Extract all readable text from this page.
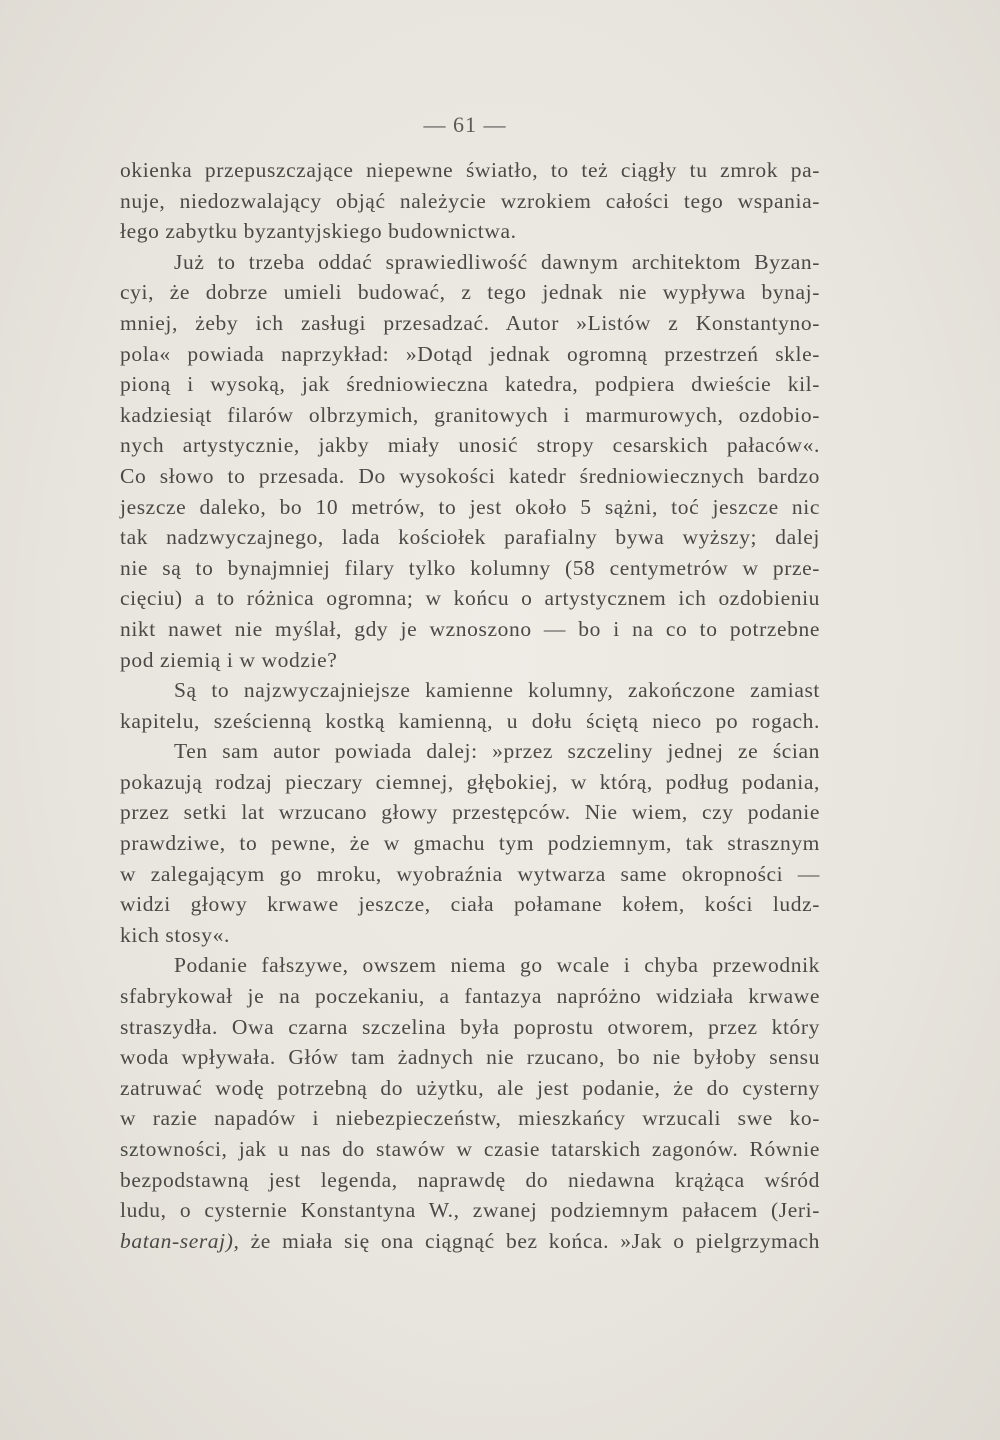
— 61 —
okienka przepuszczające niepewne światło, to też ciągły tu zmrok pa-
nuje, niedozwalający objąć należycie wzrokiem całości tego wspania-
łego zabytku byzantyjskiego budownictwa.
Już to trzeba oddać sprawiedliwość dawnym architektom Byzan-
cyi, że dobrze umieli budować, z tego jednak nie wypływa bynaj-
mniej, żeby ich zasługi przesadzać. Autor »Listów z Konstantyno-
pola« powiada naprzykład: »Dotąd jednak ogromną przestrzeń skle-
pioną i wysoką, jak średniowieczna katedra, podpiera dwieście kil-
kadziesiąt filarów olbrzymich, granitowych i marmurowych, ozdobio-
nych artystycznie, jakby miały unosić stropy cesarskich pałaców«.
Co słowo to przesada. Do wysokości katedr średniowiecznych bardzo
jeszcze daleko, bo 10 metrów, to jest około 5 sążni, toć jeszcze nic
tak nadzwyczajnego, lada kościołek parafialny bywa wyższy; dalej
nie są to bynajmniej filary tylko kolumny (58 centymetrów w prze-
cięciu) a to różnica ogromna; w końcu o artystycznem ich ozdobieniu
nikt nawet nie myślał, gdy je wznoszono — bo i na co to potrzebne
pod ziemią i w wodzie?
Są to najzwyczajniejsze kamienne kolumny, zakończone zamiast
kapitelu, sześcienną kostką kamienną, u dołu ściętą nieco po rogach.
Ten sam autor powiada dalej: »przez szczeliny jednej ze ścian
pokazują rodzaj pieczary ciemnej, głębokiej, w którą, podług podania,
przez setki lat wrzucano głowy przestępców. Nie wiem, czy podanie
prawdziwe, to pewne, że w gmachu tym podziemnym, tak strasznym
w zalegającym go mroku, wyobraźnia wytwarza same okropności —
widzi głowy krwawe jeszcze, ciała połamane kołem, kości ludz-
kich stosy«.
Podanie fałszywe, owszem niema go wcale i chyba przewodnik
sfabrykował je na poczekaniu, a fantazya napróżno widziała krwawe
straszydła. Owa czarna szczelina była poprostu otworem, przez który
woda wpływała. Głów tam żadnych nie rzucano, bo nie byłoby sensu
zatruwać wodę potrzebną do użytku, ale jest podanie, że do cysterny
w razie napadów i niebezpieczeństw, mieszkańcy wrzucali swe ko-
sztowności, jak u nas do stawów w czasie tatarskich zagonów. Równie
bezpodstawną jest legenda, naprawdę do niedawna krążąca wśród
ludu, o cysternie Konstantyna W., zwanej podziemnym pałacem (Jeri-
batan-seraj), że miała się ona ciągnąć bez końca. »Jak o pielgrzymach
